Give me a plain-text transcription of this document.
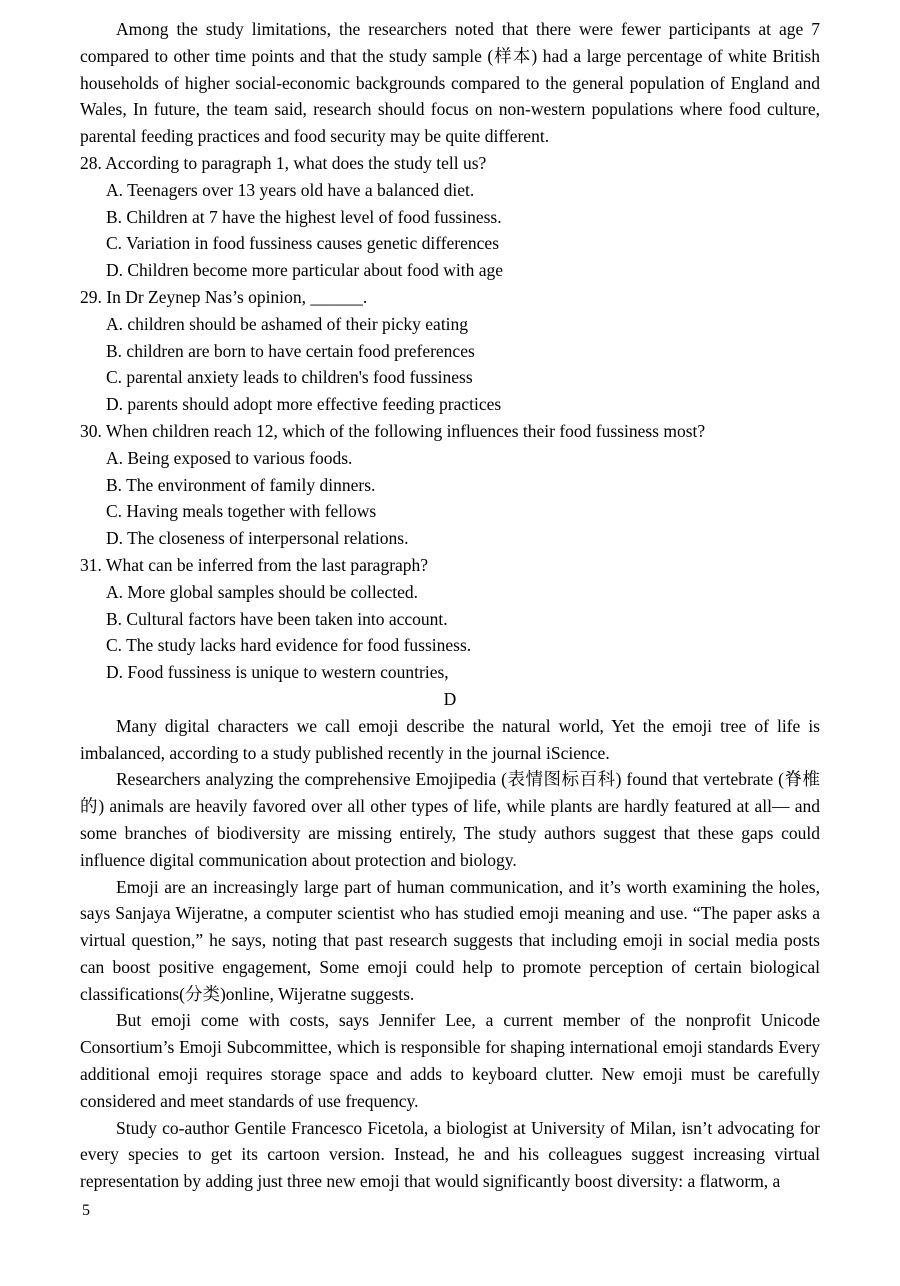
Among the study limitations, the researchers noted that there were fewer participants at age 7 compared to other time points and that the study sample (样本) had a large percentage of white British households of higher social-economic backgrounds compared to the general population of England and Wales, In future, the team said, research should focus on non-western populations where food culture, parental feeding practices and food security may be quite different.

28. According to paragraph 1, what does the study tell us?

A. Teenagers over 13 years old have a balanced diet.

B. Children at 7 have the highest level of food fussiness.

C. Variation in food fussiness causes genetic differences

D. Children become more particular about food with age

29. In Dr Zeynep Nas’s opinion, ______.

A. children should be ashamed of their picky eating

B. children are born to have certain food preferences

C. parental anxiety leads to children's food fussiness

D. parents should adopt more effective feeding practices

30. When children reach 12, which of the following influences their food fussiness most?

A. Being exposed to various foods.

B. The environment of family dinners.

C. Having meals together with fellows

D. The closeness of interpersonal relations.

31. What can be inferred from the last paragraph?

A. More global samples should be collected.

B. Cultural factors have been taken into account.

C. The study lacks hard evidence for food fussiness.

D. Food fussiness is unique to western countries,

D

Many digital characters we call emoji describe the natural world, Yet the emoji tree of life is imbalanced, according to a study published recently in the journal iScience.

Researchers analyzing the comprehensive Emojipedia (表情图标百科) found that vertebrate (脊椎的) animals are heavily favored over all other types of life, while plants are hardly featured at all— and some branches of biodiversity are missing entirely, The study authors suggest that these gaps could influence digital communication about protection and biology.

Emoji are an increasingly large part of human communication, and it’s worth examining the holes, says Sanjaya Wijeratne, a computer scientist who has studied emoji meaning and use. “The paper asks a virtual question,” he says, noting that past research suggests that including emoji in social media posts can boost positive engagement, Some emoji could help to promote perception of certain biological classifications(分类)online, Wijeratne suggests.

But emoji come with costs, says Jennifer Lee, a current member of the nonprofit Unicode Consortium’s Emoji Subcommittee, which is responsible for shaping international emoji standards Every additional emoji requires storage space and adds to keyboard clutter. New emoji must be carefully considered and meet standards of use frequency.

Study co-author Gentile Francesco Ficetola, a biologist at University of Milan, isn’t advocating for every species to get its cartoon version. Instead, he and his colleagues suggest increasing virtual representation by adding just three new emoji that would significantly boost diversity: a flatworm, a

5
